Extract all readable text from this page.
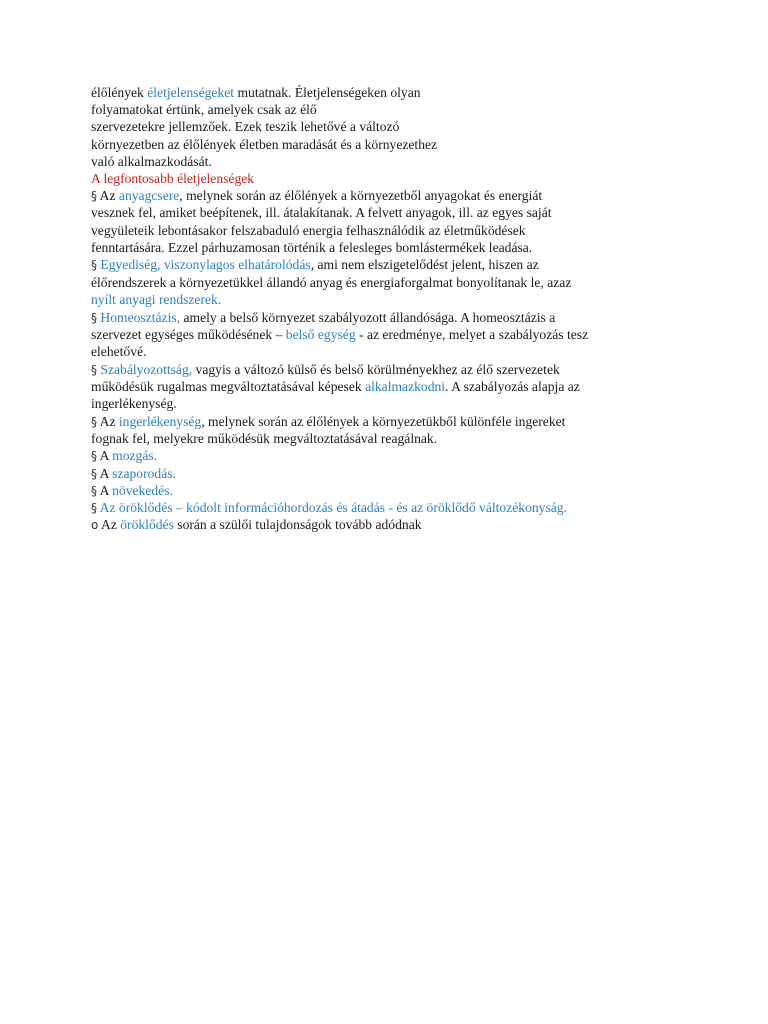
élőlények életjelenségeket mutatnak. Életjelenségeken olyan
folyamatokat értünk, amelyek csak az élő
szervezetekre jellemzőek. Ezek teszik lehetővé a változó
környezetben az élőlények életben maradását és a környezethez
való alkalmazkodását.
A legfontosabb életjelenségek
§ Az anyagcsere, melynek során az élőlények a környezetből anyagokat és energiát
vesznek fel, amiket beépítenek, ill. átalakítanak. A felvett anyagok, ill. az egyes saját
vegyületeik lebontásakor felszabaduló energia felhasználódik az életműködések
fenntartására. Ezzel párhuzamosan történik a felesleges bomlástermékek leadása.
§ Egyediség, viszonylagos elhatárolódás, ami nem elszigetelődést jelent, hiszen az
élőrendszerek a környezetükkel állandó anyag és energiaforgalmat bonyolítanak le, azaz
nyílt anyagi rendszerek.
§ Homeosztázis, amely a belső környezet szabályozott állandósága. A homeosztázis a
szervezet egységes működésének – belső egység - az eredménye, melyet a szabályozás tesz
elehetővé.
§ Szabályozottság, vagyis a változó külső és belső körülményekhez az élő szervezetek
működésük rugalmas megváltoztatásával képesek alkalmazkodni. A szabályozás alapja az
ingerlékenység.
§ Az ingerlékenység, melynek során az élőlények a környezetükből különféle ingereket
fognak fel, melyekre működésük megváltoztatásával reagálnak.
§ A mozgás.
§ A szaporodás.
§ A növekedés.
§ Az öröklődés – kódolt információhordozás és átadás - és az öröklődő változékonyság.
o Az öröklődés során a szülői tulajdonságok tovább adódnak
